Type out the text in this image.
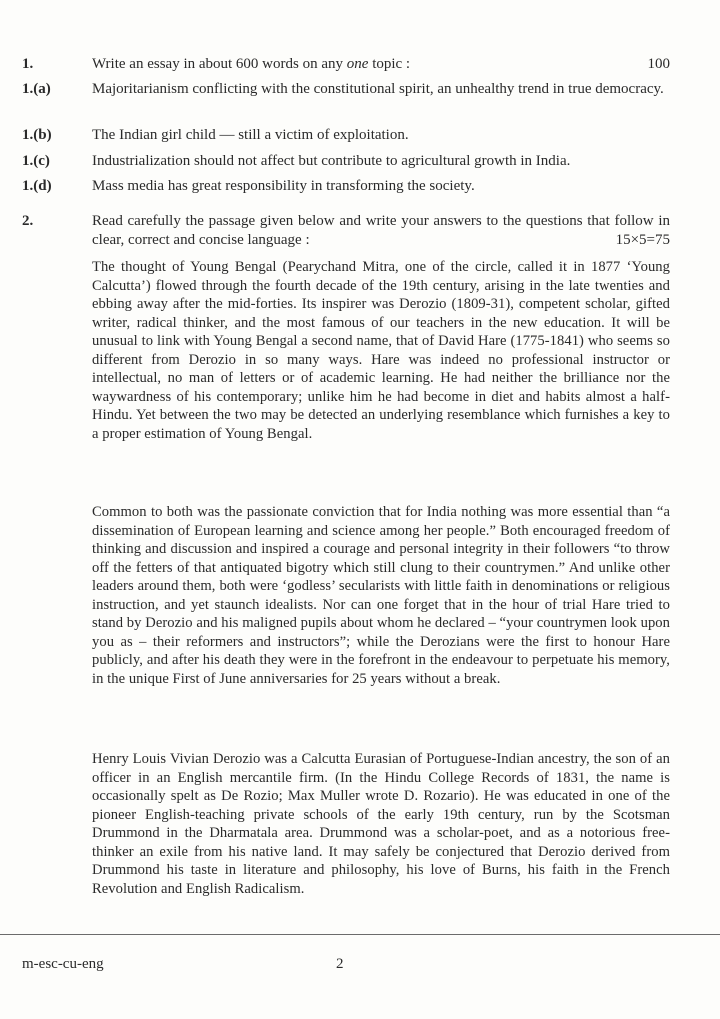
1.	Write an essay in about 600 words on any one topic :	100
1.(a)	Majoritarianism conflicting with the constitutional spirit, an unhealthy trend in true democracy.
1.(b)	The Indian girl child — still a victim of exploitation.
1.(c)	Industrialization should not affect but contribute to agricultural growth in India.
1.(d)	Mass media has great responsibility in transforming the society.
2.	Read carefully the passage given below and write your answers to the questions that follow in clear, correct and concise language :	15×5=75
The thought of Young Bengal (Pearychand Mitra, one of the circle, called it in 1877 ‘Young Calcutta’) flowed through the fourth decade of the 19th century, arising in the late twenties and ebbing away after the mid-forties. Its inspirer was Derozio (1809-31), competent scholar, gifted writer, radical thinker, and the most famous of our teachers in the new education. It will be unusual to link with Young Bengal a second name, that of David Hare (1775-1841) who seems so different from Derozio in so many ways. Hare was indeed no professional instructor or intellectual, no man of letters or of academic learning. He had neither the brilliance nor the waywardness of his contemporary; unlike him he had become in diet and habits almost a half-Hindu. Yet between the two may be detected an underlying resemblance which furnishes a key to a proper estimation of Young Bengal.
Common to both was the passionate conviction that for India nothing was more essential than “a dissemination of European learning and science among her people.” Both encouraged freedom of thinking and discussion and inspired a courage and personal integrity in their followers “to throw off the fetters of that antiquated bigotry which still clung to their countrymen.” And unlike other leaders around them, both were ‘godless’ secularists with little faith in denominations or religious instruction, and yet staunch idealists. Nor can one forget that in the hour of trial Hare tried to stand by Derozio and his maligned pupils about whom he declared – “your countrymen look upon you as – their reformers and instructors”; while the Derozians were the first to honour Hare publicly, and after his death they were in the forefront in the endeavour to perpetuate his memory, in the unique First of June anniversaries for 25 years without a break.
Henry Louis Vivian Derozio was a Calcutta Eurasian of Portuguese-Indian ancestry, the son of an officer in an English mercantile firm. (In the Hindu College Records of 1831, the name is occasionally spelt as De Rozio; Max Muller wrote D. Rozario). He was educated in one of the pioneer English-teaching private schools of the early 19th century, run by the Scotsman Drummond in the Dharmatala area. Drummond was a scholar-poet, and as a notorious free-thinker an exile from his native land. It may safely be conjectured that Derozio derived from Drummond his taste in literature and philosophy, his love of Burns, his faith in the French Revolution and English Radicalism.
m-esc-cu-eng	2
